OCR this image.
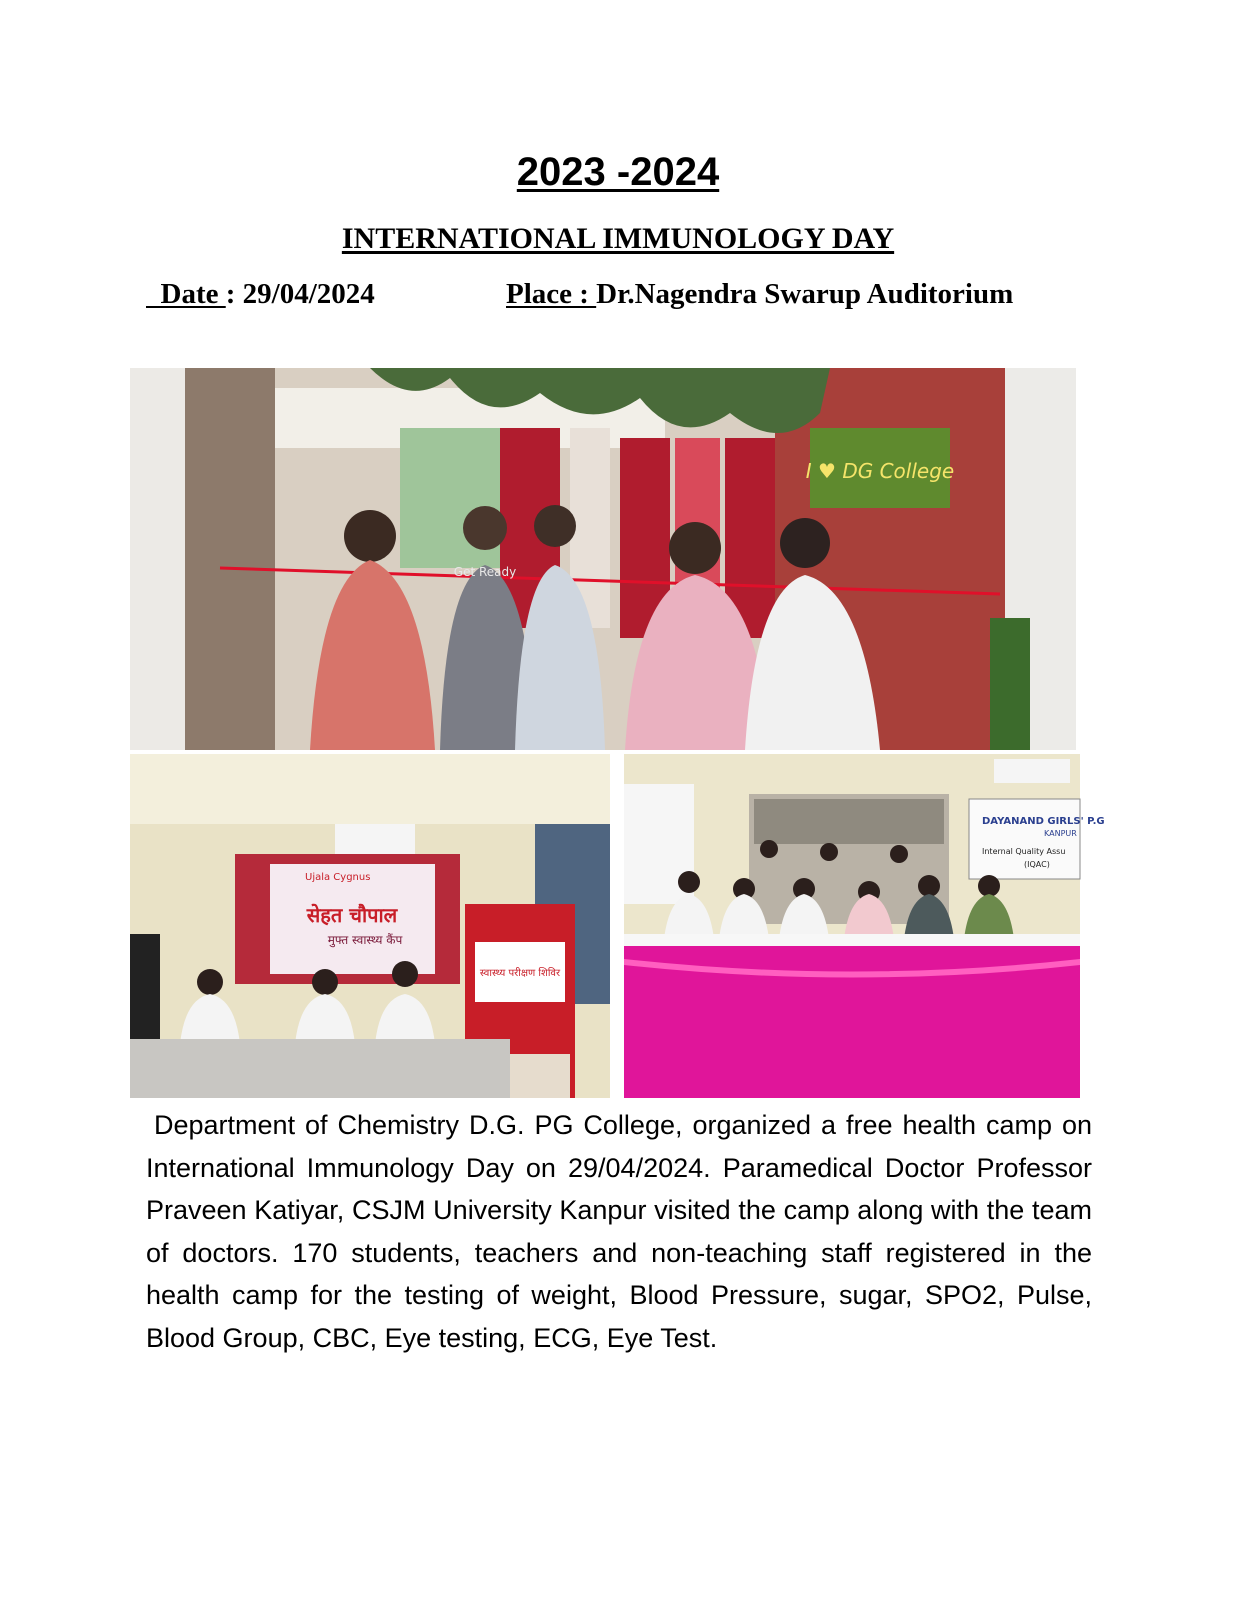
2023 -2024
INTERNATIONAL IMMUNOLOGY DAY
Date : 29/04/2024	Place : Dr.Nagendra Swarup Auditorium
I ♥ DG College
Get Ready
Ujala Cygnus
सेहत चौपाल
मुफ्त स्वास्थ्य कैंप
स्वास्थ्य परीक्षण शिविर
DAYANAND GIRLS' P.G
KANPUR
Internal Quality Assu
(IQAC)
Department of Chemistry D.G. PG College, organized a free health camp on International Immunology Day on 29/04/2024. Paramedical Doctor Professor Praveen Katiyar, CSJM University Kanpur visited the camp along with the team of doctors. 170 students, teachers and non-teaching staff registered in the health camp for the testing of weight, Blood Pressure, sugar, SPO2, Pulse, Blood Group, CBC, Eye testing, ECG, Eye Test.
